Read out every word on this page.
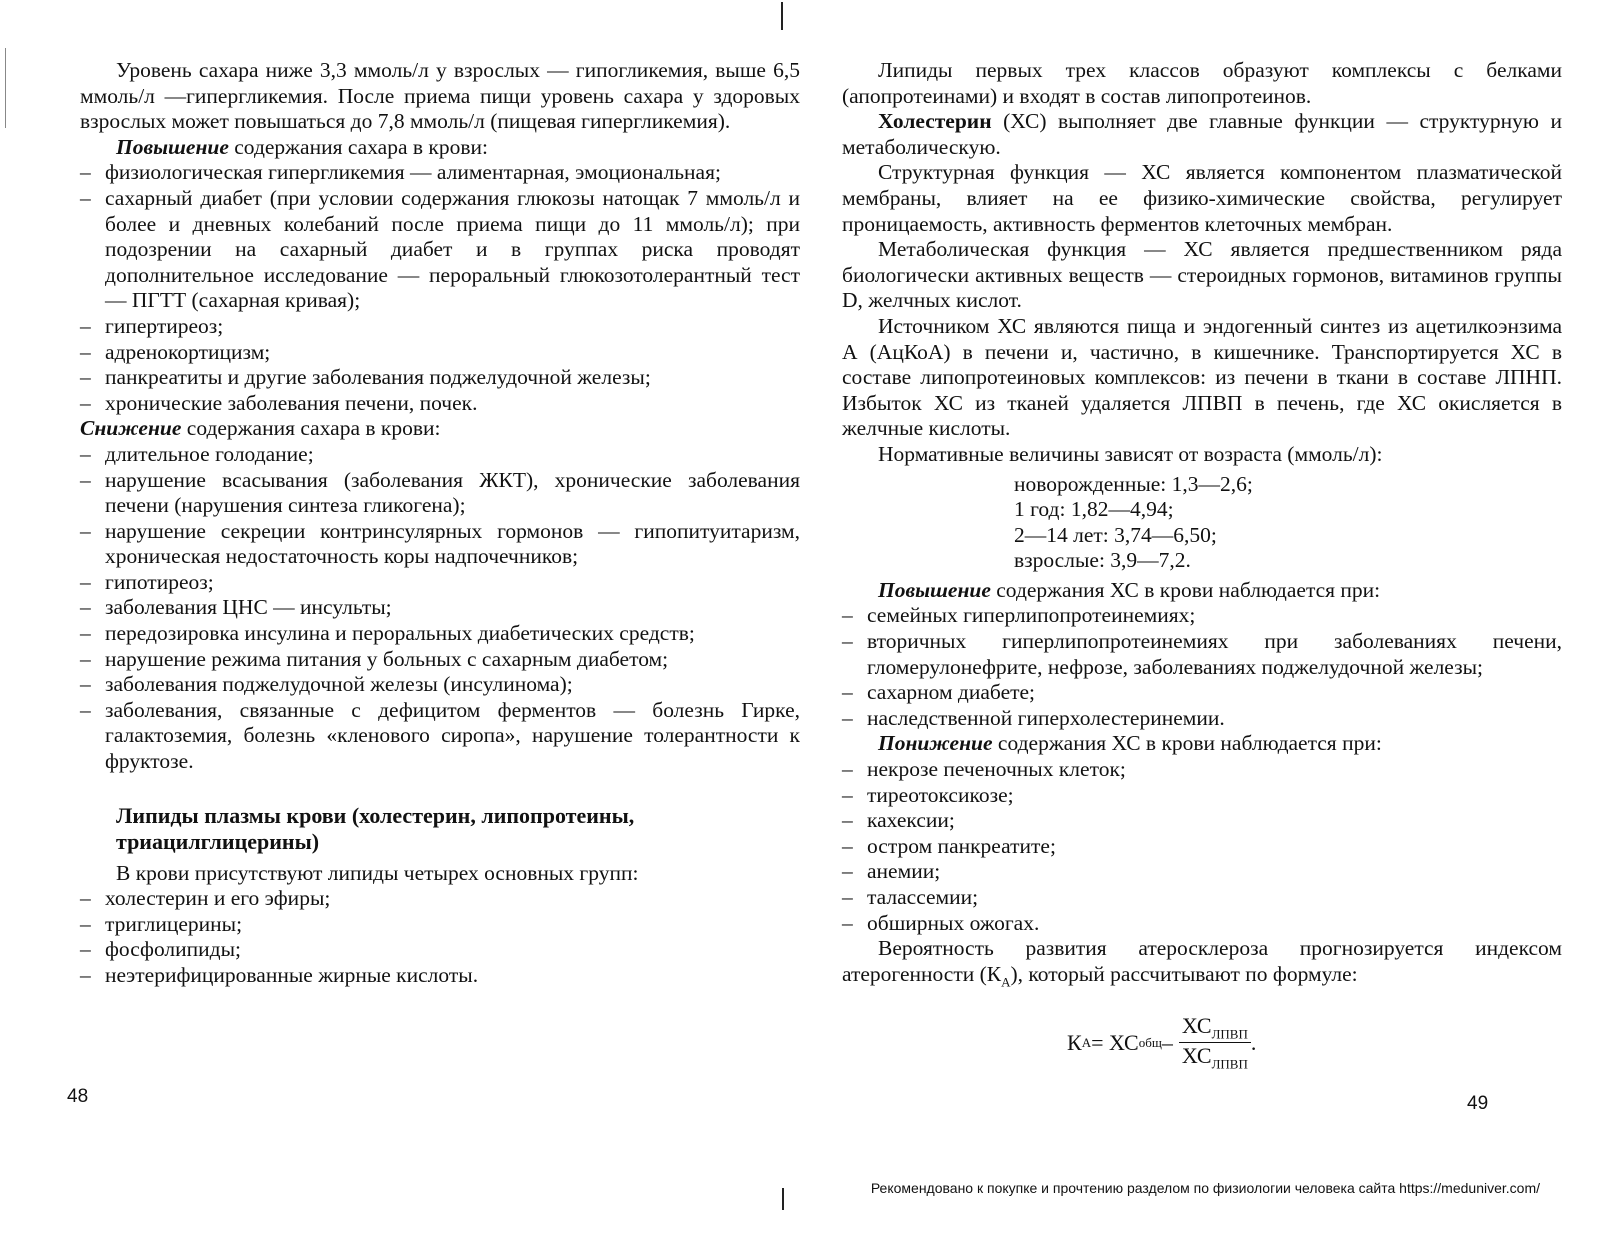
Уровень сахара ниже 3,3 ммоль/л у взрослых — гипогликемия, выше 6,5 ммоль/л —гипергликемия. После приема пищи уровень сахара у здоровых взрослых может повышаться до 7,8 ммоль/л (пищевая гипергликемия).

Повышение содержания сахара в крови:

– физиологическая гипергликемия — алиментарная, эмоциональная;
– сахарный диабет (при условии содержания глюкозы натощак 7 ммоль/л и более и дневных колебаний после приема пищи до 11 ммоль/л); при подозрении на сахарный диабет и в группах риска проводят дополнительное исследование — пероральный глюкозотолерантный тест — ПГТТ (сахарная кривая);
– гипертиреоз;
– адренокортицизм;
– панкреатиты и другие заболевания поджелудочной железы;
– хронические заболевания печени, почек.

Снижение содержания сахара в крови:

– длительное голодание;
– нарушение всасывания (заболевания ЖКТ), хронические заболевания печени (нарушения синтеза гликогена);
– нарушение секреции контринсулярных гормонов — гипопитуитаризм, хроническая недостаточность коры надпочечников;
– гипотиреоз;
– заболевания ЦНС — инсульты;
– передозировка инсулина и пероральных диабетических средств;
– нарушение режима питания у больных с сахарным диабетом;
– заболевания поджелудочной железы (инсулинома);
– заболевания, связанные с дефицитом ферментов — болезнь Гирке, галактоземия, болезнь «кленового сиропа», нарушение толерантности к фруктозе.
Липиды плазмы крови (холестерин, липопротеины, триацилглицерины)

В крови присутствуют липиды четырех основных групп:

– холестерин и его эфиры;
– триглицерины;
– фосфолипиды;
– неэтерифицированные жирные кислоты.

Липиды первых трех классов образуют комплексы с белками (апопротеинами) и входят в состав липопротеинов.

Холестерин (ХС) выполняет две главные функции — структурную и метаболическую.

Структурная функция — ХС является компонентом плазматической мембраны, влияет на ее физико-химические свойства, регулирует проницаемость, активность ферментов клеточных мембран.

Метаболическая функция — ХС является предшественником ряда биологически активных веществ — стероидных гормонов, витаминов группы D, желчных кислот.

Источником ХС являются пища и эндогенный синтез из ацетилкоэнзима А (АцКоА) в печени и, частично, в кишечнике. Транспортируется ХС в составе липопротеиновых комплексов: из печени в ткани в составе ЛПНП. Избыток ХС из тканей удаляется ЛПВП в печень, где ХС окисляется в желчные кислоты.

Нормативные величины зависят от возраста (ммоль/л):

новорожденные: 1,3—2,6;
1 год: 1,82—4,94;
2—14 лет: 3,74—6,50;
взрослые: 3,9—7,2.

Повышение содержания ХС в крови наблюдается при:

– семейных гиперлипопротеинемиях;
– вторичных гиперлипопротеинемиях при заболеваниях печени, гломерулонефрите, нефрозе, заболеваниях поджелудочной железы;
– сахарном диабете;
– наследственной гиперхолестеринемии.

Понижение содержания ХС в крови наблюдается при:

– некрозе печеночных клеток;
– тиреотоксикозе;
– кахексии;
– остром панкреатите;
– анемии;
– талассемии;
– обширных ожогах.

Вероятность развития атеросклероза прогнозируется индексом атерогенности $(К_А)$, который рассчитывают по формуле:

К А = ХС общ – $\frac{ХС_{ЛПВП}}{ХС_{ЛПВП}}$ .
48	49
Рекомендовано к покупке и прочтению разделом по физиологии человека сайта https://meduniver.com/
